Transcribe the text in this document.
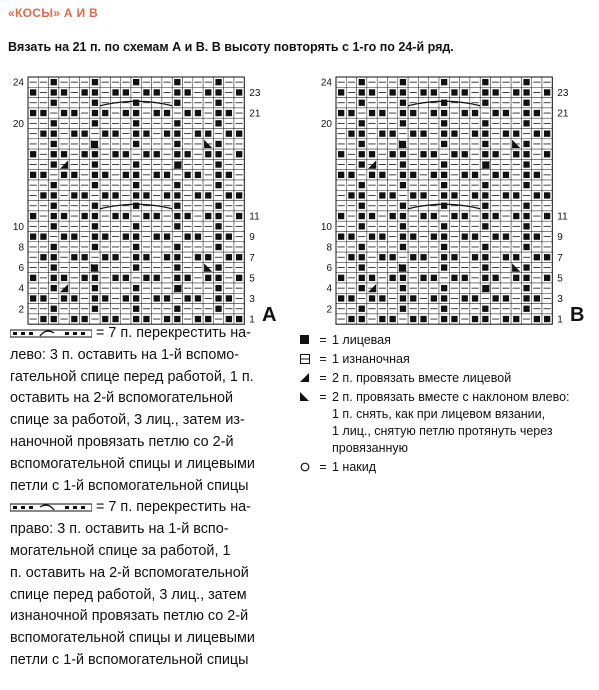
«КОСЫ» А И В
Вязать на 21 п. по схемам А и В. В высоту повторять с 1-го по 24-й ряд.
24
20
10
8
6
4
2
23
21
11
9
7
5
3
1
24
20
10
8
6
4
2
23
21
11
9
7
5
3
1
A	B

= 7 п. перекрестить на-
лево: 3 п. оставить на 1-й вспомо-
гательной спице перед работой, 1 п.
оставить на 2-й вспомогательной
спице за работой, 3 лиц., затем из-
наночной провязать петлю со 2-й
вспомогательной спицы и лицевыми
петли с 1-й вспомогательной спицы

= 7 п. перекрестить на-
право: 3 п. оставить на 1-й вспо-
могательной спице за работой, 1
п. оставить на 2-й вспомогательной
спице перед работой, 3 лиц., затем
изнаночной провязать петлю со 2-й
вспомогательной спицы и лицевыми
петли с 1-й вспомогательной спицы

= 1 лицевая
= 1 изнаночная
= 2 п. провязать вместе лицевой
= 2 п. провязать вместе с наклоном влево:
1 п. снять, как при лицевом вязании,
1 лиц., снятую петлю протянуть через
провязанную
= 1 накид
